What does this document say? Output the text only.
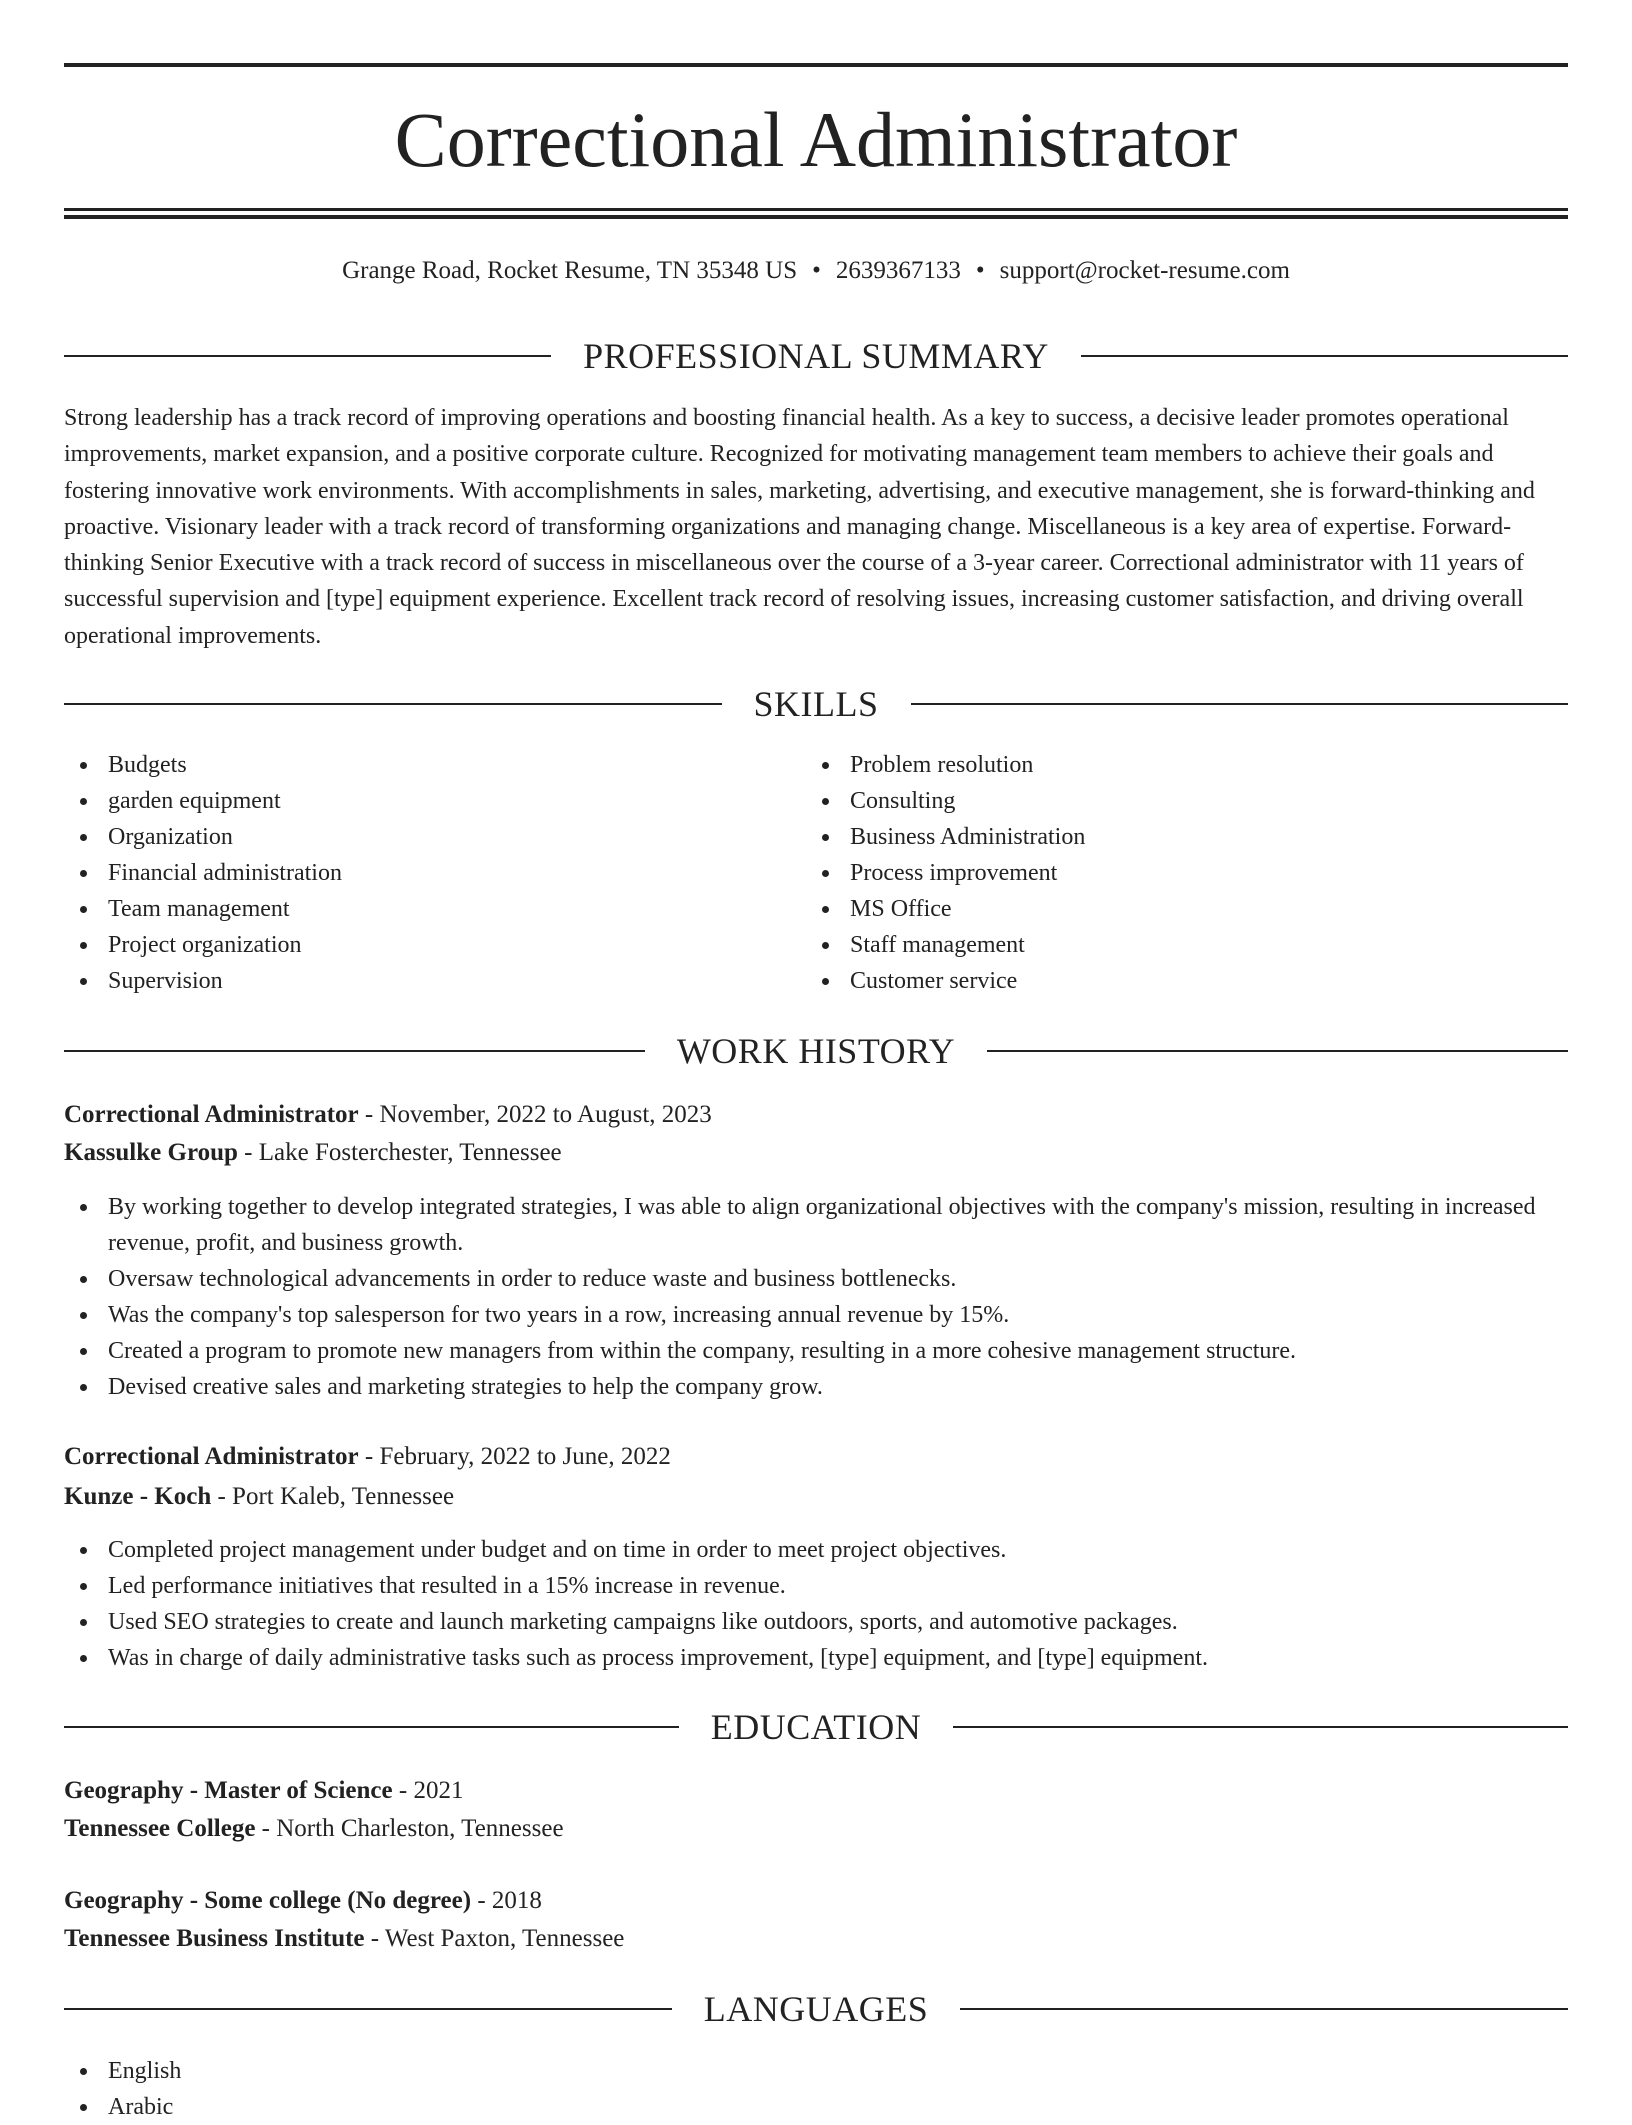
Correctional Administrator
Grange Road, Rocket Resume, TN 35348 US • 2639367133 • support@rocket-resume.com
PROFESSIONAL SUMMARY

Strong leadership has a track record of improving operations and boosting financial health. As a key to success, a decisive leader promotes operational improvements, market expansion, and a positive corporate culture. Recognized for motivating management team members to achieve their goals and fostering innovative work environments. With accomplishments in sales, marketing, advertising, and executive management, she is forward-thinking and proactive. Visionary leader with a track record of transforming organizations and managing change. Miscellaneous is a key area of expertise. Forward-thinking Senior Executive with a track record of success in miscellaneous over the course of a 3-year career. Correctional administrator with 11 years of successful supervision and [type] equipment experience. Excellent track record of resolving issues, increasing customer satisfaction, and driving overall operational improvements.

SKILLS
Budgets
garden equipment
Organization
Financial administration
Team management
Project organization
Supervision
Problem resolution
Consulting
Business Administration
Process improvement
MS Office
Staff management
Customer service
WORK HISTORY
Correctional Administrator - November, 2022 to August, 2023
Kassulke Group - Lake Fosterchester, Tennessee
By working together to develop integrated strategies, I was able to align organizational objectives with the company's mission, resulting in increased revenue, profit, and business growth.
Oversaw technological advancements in order to reduce waste and business bottlenecks.
Was the company's top salesperson for two years in a row, increasing annual revenue by 15%.
Created a program to promote new managers from within the company, resulting in a more cohesive management structure.
Devised creative sales and marketing strategies to help the company grow.
Correctional Administrator - February, 2022 to June, 2022
Kunze - Koch - Port Kaleb, Tennessee
Completed project management under budget and on time in order to meet project objectives.
Led performance initiatives that resulted in a 15% increase in revenue.
Used SEO strategies to create and launch marketing campaigns like outdoors, sports, and automotive packages.
Was in charge of daily administrative tasks such as process improvement, [type] equipment, and [type] equipment.
EDUCATION
Geography - Master of Science - 2021
Tennessee College - North Charleston, Tennessee
Geography - Some college (No degree) - 2018
Tennessee Business Institute - West Paxton, Tennessee
LANGUAGES
English
Arabic
